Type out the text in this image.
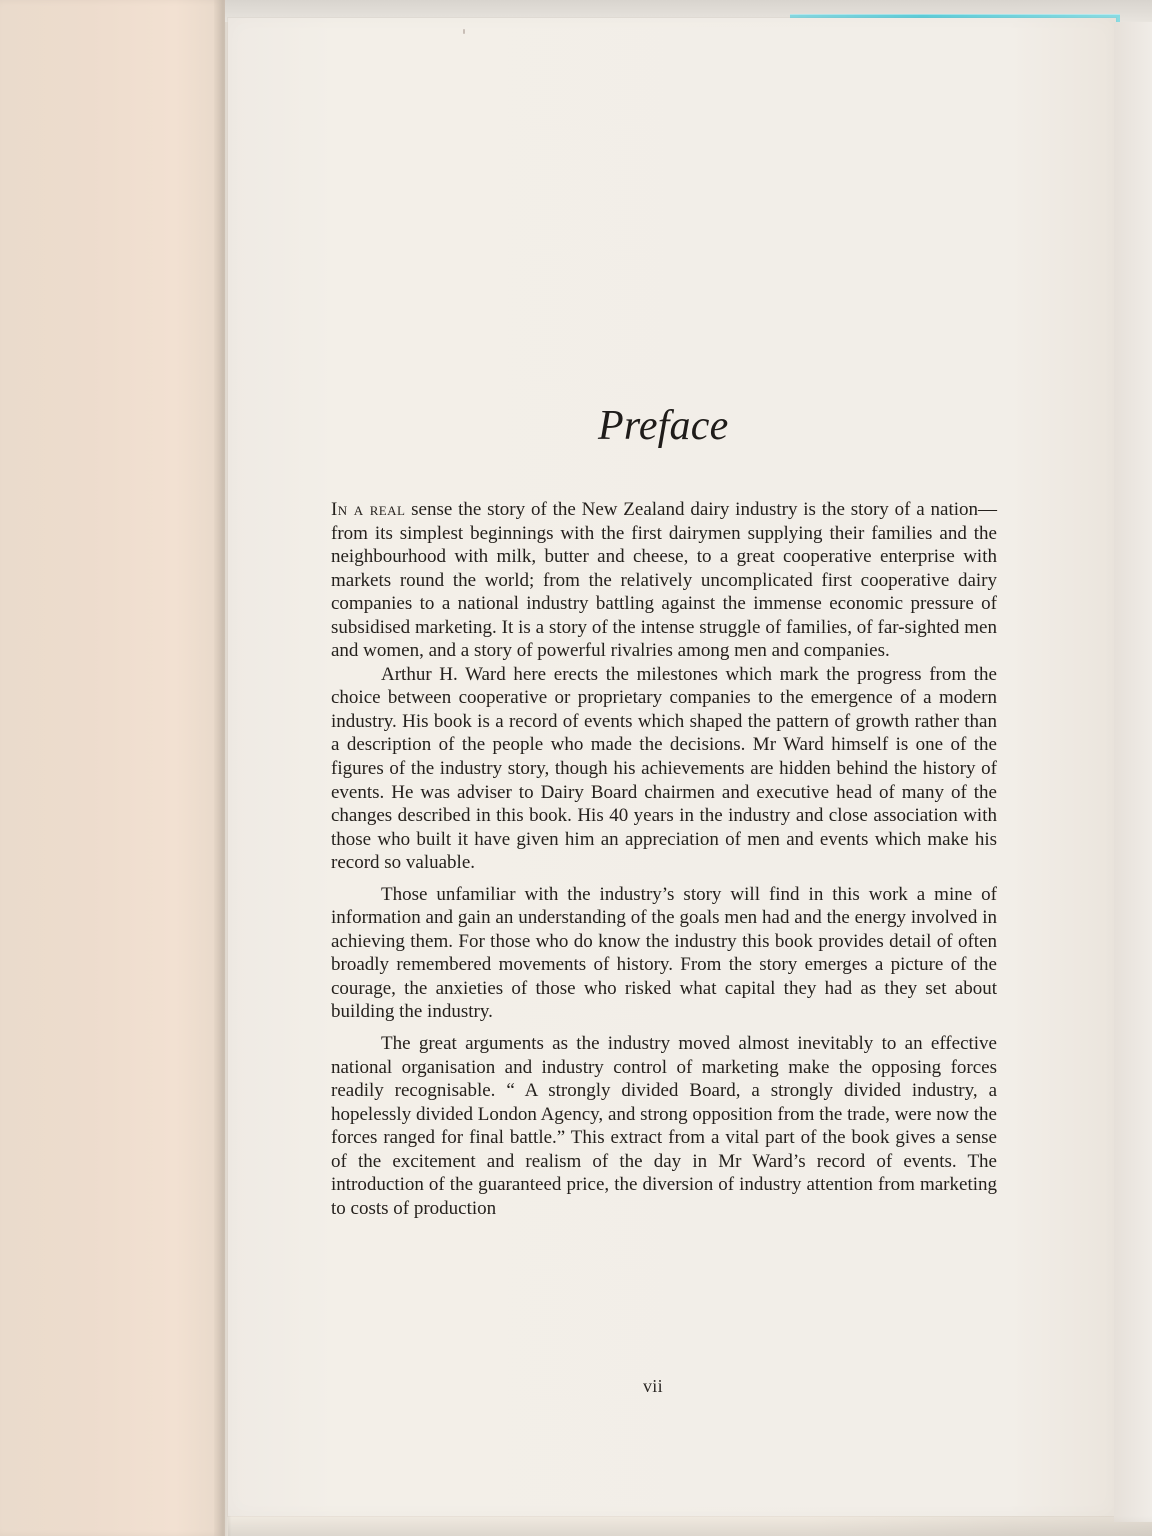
Preface

In a real sense the story of the New Zealand dairy industry is the story of a nation—from its simplest beginnings with the first dairymen supplying their families and the neighbourhood with milk, butter and cheese, to a great cooperative enterprise with markets round the world; from the relatively uncomplicated first cooperative dairy companies to a national industry battling against the immense economic pressure of subsidised marketing. It is a story of the intense struggle of families, of far-sighted men and women, and a story of powerful rivalries among men and companies.

Arthur H. Ward here erects the milestones which mark the progress from the choice between cooperative or proprietary companies to the emergence of a modern industry. His book is a record of events which shaped the pattern of growth rather than a description of the people who made the decisions. Mr Ward himself is one of the figures of the industry story, though his achievements are hidden behind the history of events. He was adviser to Dairy Board chairmen and executive head of many of the changes described in this book. His 40 years in the industry and close association with those who built it have given him an appreciation of men and events which make his record so valuable.

Those unfamiliar with the industry’s story will find in this work a mine of information and gain an understanding of the goals men had and the energy involved in achieving them. For those who do know the industry this book provides detail of often broadly remembered movements of history. From the story emerges a picture of the courage, the anxieties of those who risked what capital they had as they set about building the industry.

The great arguments as the industry moved almost inevitably to an effective national organisation and industry control of marketing make the opposing forces readily recognisable. “ A strongly divided Board, a strongly divided industry, a hopelessly divided London Agency, and strong opposition from the trade, were now the forces ranged for final battle.” This extract from a vital part of the book gives a sense of the excitement and realism of the day in Mr Ward’s record of events. The introduction of the guaranteed price, the diversion of industry attention from marketing to costs of production

vii
